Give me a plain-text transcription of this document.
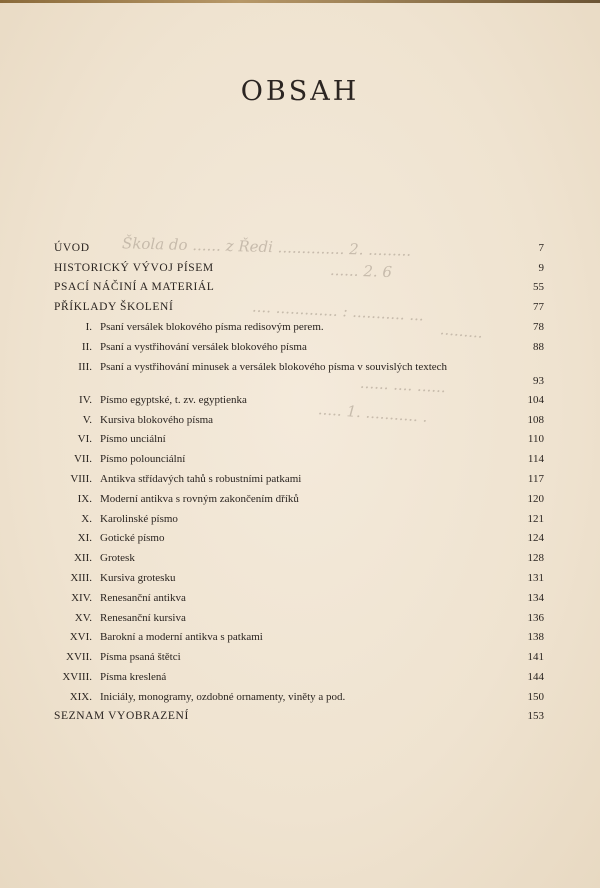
OBSAH
Škola do ...... z Ředi .............. 2. .........
...... 2. 6
.... ............. : ........... ...
.........
...... .... ......
..... 1. ........... .
ÚVOD	7
HISTORICKÝ VÝVOJ PÍSEM	9
PSACÍ NÁČINÍ A MATERIÁL	55
PŘÍKLADY ŠKOLENÍ	77
I. Psaní versálek blokového písma redisovým perem.	78
II. Psaní a vystřihování versálek blokového písma	88
III. Psaní a vystřihování minusek a versálek blokového písma v souvislých textech
93
IV. Písmo egyptské, t. zv. egyptienka	104
V. Kursiva blokového písma	108
VI. Písmo unciální	110
VII. Písmo polounciální	114
VIII. Antikva střídavých tahů s robustními patkami	117
IX. Moderní antikva s rovným zakončením dříků	120
X. Karolinské písmo	121
XI. Gotické písmo	124
XII. Grotesk	128
XIII. Kursiva grotesku	131
XIV. Renesanční antikva	134
XV. Renesanční kursiva	136
XVI. Barokní a moderní antikva s patkami	138
XVII. Písma psaná štětci	141
XVIII. Písma kreslená	144
XIX. Iniciály, monogramy, ozdobné ornamenty, viněty a pod.	150
SEZNAM VYOBRAZENÍ	153
